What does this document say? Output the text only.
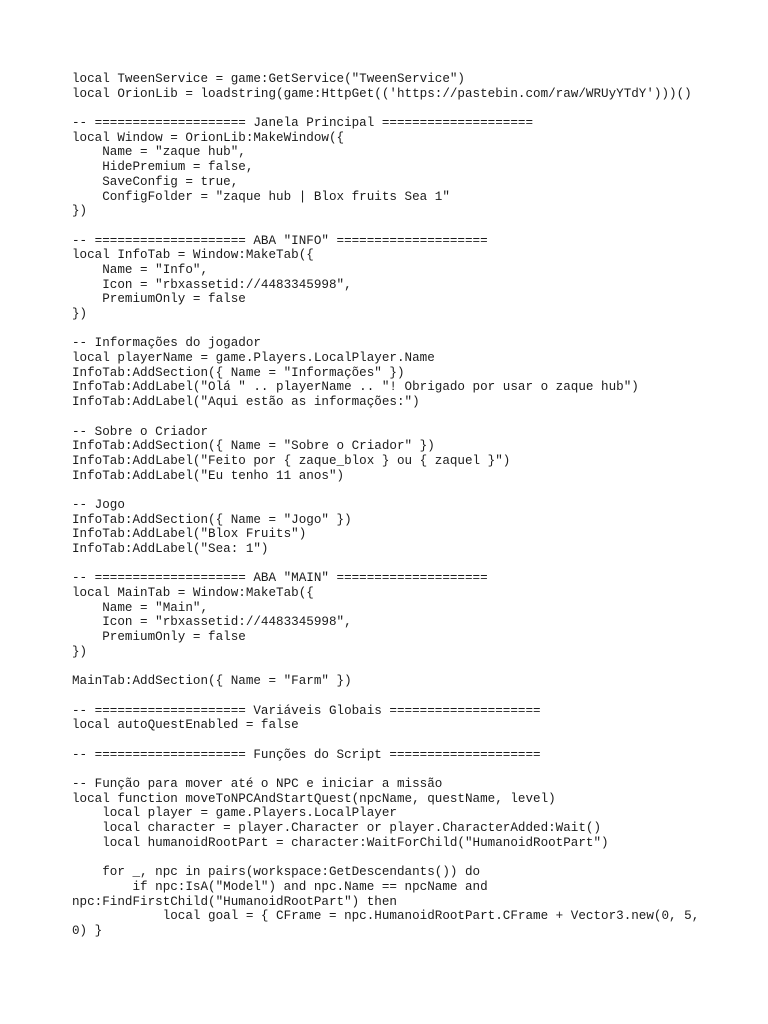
local TweenService = game:GetService("TweenService")
local OrionLib = loadstring(game:HttpGet(('https://pastebin.com/raw/WRUyYTdY')))()
-- ==================== Janela Principal ====================
local Window = OrionLib:MakeWindow({
Name = "zaque hub",
HidePremium = false,
SaveConfig = true,
ConfigFolder = "zaque hub | Blox fruits Sea 1"
})
-- ==================== ABA "INFO" ====================
local InfoTab = Window:MakeTab({
Name = "Info",
Icon = "rbxassetid://4483345998",
PremiumOnly = false
})
-- Informações do jogador
local playerName = game.Players.LocalPlayer.Name
InfoTab:AddSection({ Name = "Informações" })
InfoTab:AddLabel("Olá " .. playerName .. "! Obrigado por usar o zaque hub")
InfoTab:AddLabel("Aqui estão as informações:")
-- Sobre o Criador
InfoTab:AddSection({ Name = "Sobre o Criador" })
InfoTab:AddLabel("Feito por { zaque_blox } ou { zaquel }")
InfoTab:AddLabel("Eu tenho 11 anos")
-- Jogo
InfoTab:AddSection({ Name = "Jogo" })
InfoTab:AddLabel("Blox Fruits")
InfoTab:AddLabel("Sea: 1")
-- ==================== ABA "MAIN" ====================
local MainTab = Window:MakeTab({
Name = "Main",
Icon = "rbxassetid://4483345998",
PremiumOnly = false
})
MainTab:AddSection({ Name = "Farm" })
-- ==================== Variáveis Globais ====================
local autoQuestEnabled = false
-- ==================== Funções do Script ====================
-- Função para mover até o NPC e iniciar a missão
local function moveToNPCAndStartQuest(npcName, questName, level)
local player = game.Players.LocalPlayer
local character = player.Character or player.CharacterAdded:Wait()
local humanoidRootPart = character:WaitForChild("HumanoidRootPart")
for _, npc in pairs(workspace:GetDescendants()) do
if npc:IsA("Model") and npc.Name == npcName and
npc:FindFirstChild("HumanoidRootPart") then
local goal = { CFrame = npc.HumanoidRootPart.CFrame + Vector3.new(0, 5,
0) }
